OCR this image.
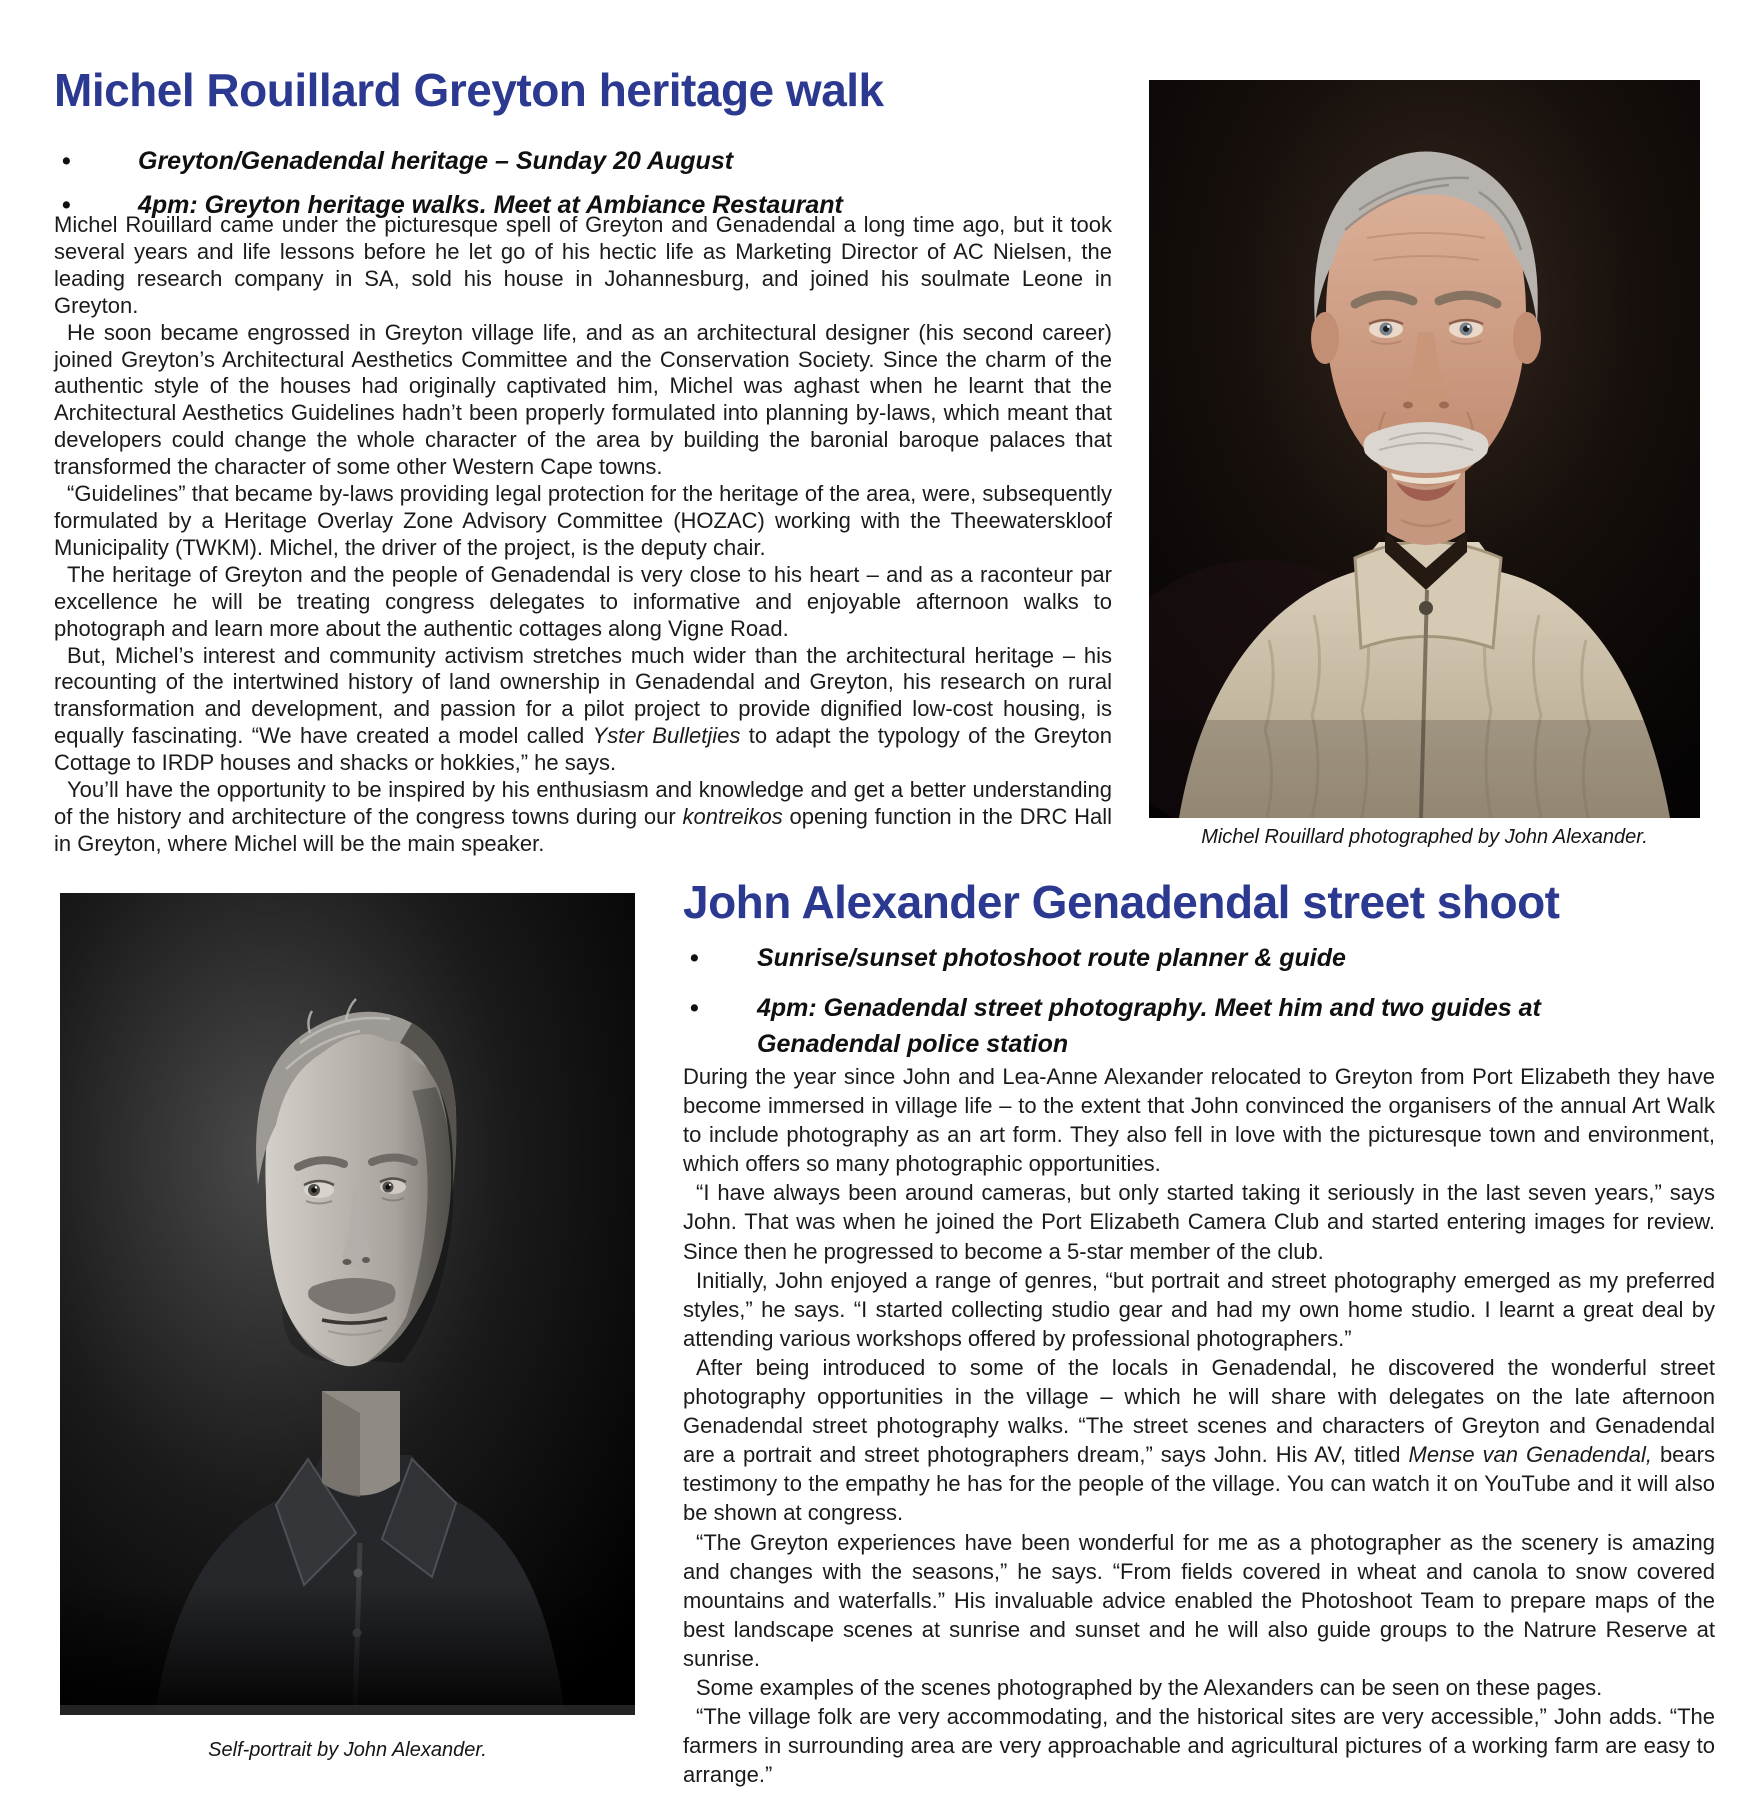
Michel Rouillard Greyton heritage walk
•	Greyton/Genadendal heritage – Sunday 20 August
•	4pm: Greyton heritage walks. Meet at Ambiance Restaurant

Michel Rouillard came under the picturesque spell of Greyton and Genadendal a long time ago, but it took several years and life lessons before he let go of his hectic life as Marketing Director of AC Nielsen, the leading research company in SA, sold his house in Johannesburg, and joined his soulmate Leone in Greyton.

He soon became engrossed in Greyton village life, and as an architectural designer (his second career) joined Greyton’s Architectural Aesthetics Committee and the Conservation Society. Since the charm of the authentic style of the houses had originally captivated him, Michel was aghast when he learnt that the Architectural Aesthetics Guidelines hadn’t been properly formulated into planning by-laws, which meant that developers could change the whole character of the area by building the baronial baroque palaces that transformed the character of some other Western Cape towns.

“Guidelines” that became by-laws providing legal protection for the heritage of the area, were, subsequently formulated by a Heritage Overlay Zone Advisory Committee (HOZAC) working with the Theewaterskloof Municipality (TWKM). Michel, the driver of the project, is the deputy chair.

The heritage of Greyton and the people of Genadendal is very close to his heart – and as a raconteur par excellence he will be treating congress delegates to informative and enjoyable afternoon walks to photograph and learn more about the authentic cottages along Vigne Road.

But, Michel’s interest and community activism stretches much wider than the architectural heritage – his recounting of the intertwined history of land ownership in Genadendal and Greyton, his research on rural transformation and development, and passion for a pilot project to provide dignified low-cost housing, is equally fascinating. “We have created a model called Yster Bulletjies to adapt the typology of the Greyton Cottage to IRDP houses and shacks or hokkies,” he says.

You’ll have the opportunity to be inspired by his enthusiasm and knowledge and get a better understanding of the history and architecture of the congress towns during our kontreikos opening function in the DRC Hall in Greyton, where Michel will be the main speaker.	Michel Rouillard photographed by John Alexander.
Self-portrait by John Alexander.
John Alexander Genadendal street shoot
•	Sunrise/sunset photoshoot route planner & guide
•	4pm: Genadendal street photography. Meet him and two guides at Genadendal police station

During the year since John and Lea-Anne Alexander relocated to Greyton from Port Elizabeth they have become immersed in village life – to the extent that John convinced the organisers of the annual Art Walk to include photography as an art form. They also fell in love with the picturesque town and environment, which offers so many photographic opportunities.

“I have always been around cameras, but only started taking it seriously in the last seven years,” says John. That was when he joined the Port Elizabeth Camera Club and started entering images for review. Since then he progressed to become a 5-star member of the club.

Initially, John enjoyed a range of genres, “but portrait and street photography emerged as my preferred styles,” he says. “I started collecting studio gear and had my own home studio. I learnt a great deal by attending various workshops offered by professional photographers.”

After being introduced to some of the locals in Genadendal, he discovered the wonderful street photography opportunities in the village – which he will share with delegates on the late afternoon Genadendal street photography walks. “The street scenes and characters of Greyton and Genadendal are a portrait and street photographers dream,” says John. His AV, titled Mense van Genadendal, bears testimony to the empathy he has for the people of the village. You can watch it on YouTube and it will also be shown at congress.

“The Greyton experiences have been wonderful for me as a photographer as the scenery is amazing and changes with the seasons,” he says. “From fields covered in wheat and canola to snow covered mountains and waterfalls.” His invaluable advice enabled the Photoshoot Team to prepare maps of the best landscape scenes at sunrise and sunset and he will also guide groups to the Natrure Reserve at sunrise.

Some examples of the scenes photographed by the Alexanders can be seen on these pages.

“The village folk are very accommodating, and the historical sites are very accessible,” John adds. “The farmers in surrounding area are very approachable and agricultural pictures of a working farm are easy to arrange.”
